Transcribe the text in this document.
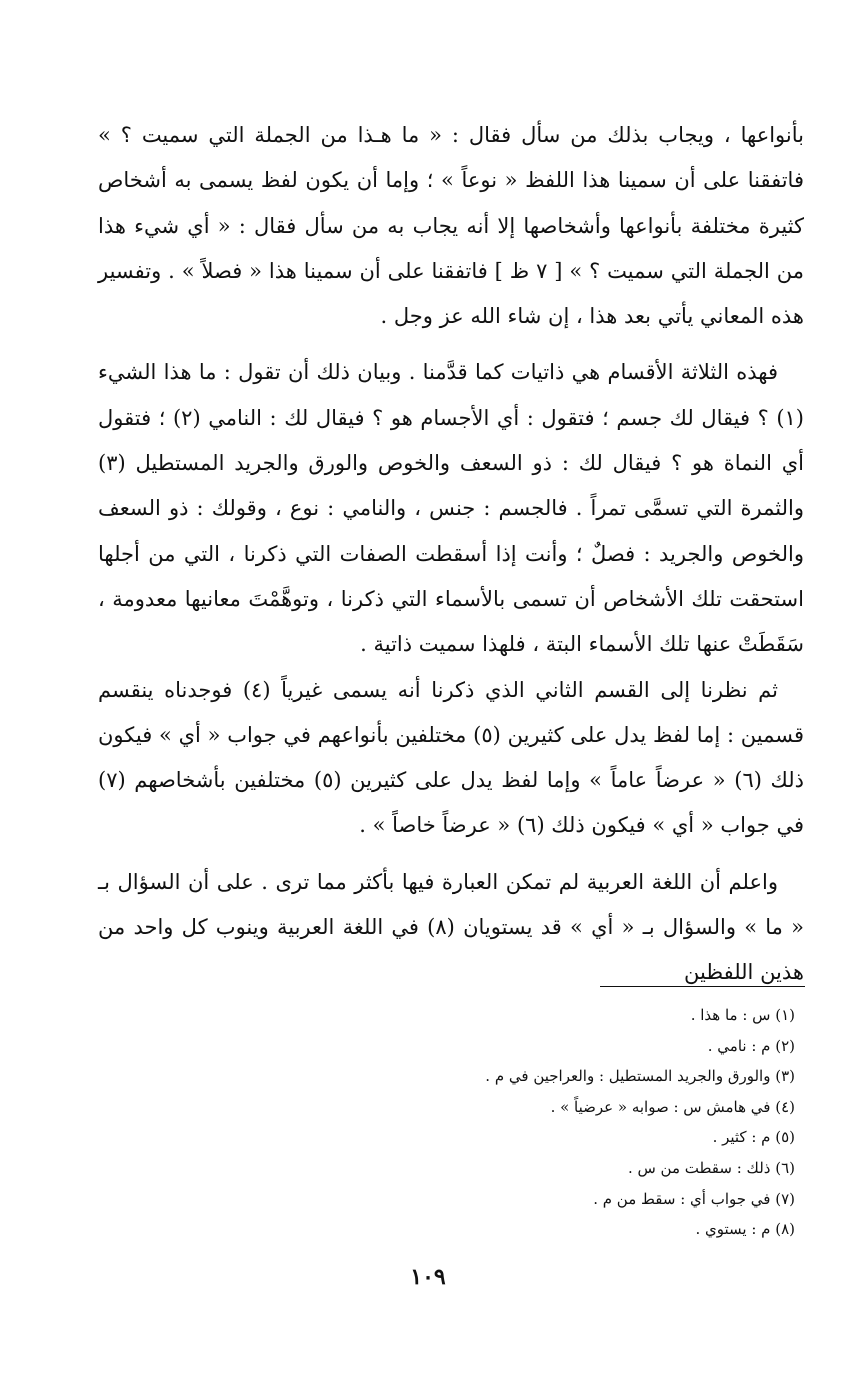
بأنواعها ، ويجاب بذلك من سأل فقال : « ما هـذا من الجملة التي سميت ؟ » فاتفقنا على أن سمينا هذا اللفظ « نوعاً » ؛ وإما أن يكون لفظ يسمى به أشخاص كثيرة مختلفة بأنواعها وأشخاصها إلا أنه يجاب به من سأل فقال : « أي شيء هذا من الجملة التي سميت ؟ » [ ٧ ظ ] فاتفقنا على أن سمينا هذا « فصلاً » . وتفسير هذه المعاني يأتي بعد هذا ، إن شاء الله عز وجل .

فهذه الثلاثة الأقسام هي ذاتيات كما قدَّمنا . وبيان ذلك أن تقول : ما هذا الشيء (١) ؟ فيقال لك جسم ؛ فتقول : أي الأجسام هو ؟ فيقال لك : النامي (٢) ؛ فتقول أي النماة هو ؟ فيقال لك : ذو السعف والخوص والورق والجريد المستطيل (٣) والثمرة التي تسمَّى تمراً . فالجسم : جنس ، والنامي : نوع ، وقولك : ذو السعف والخوص والجريد : فصلٌ ؛ وأنت إذا أسقطت الصفات التي ذكرنا ، التي من أجلها استحقت تلك الأشخاص أن تسمى بالأسماء التي ذكرنا ، وتوهَّمْتَ معانيها معدومة ، سَقَطَتْ عنها تلك الأسماء البتة ، فلهذا سميت ذاتية .

ثم نظرنا إلى القسم الثاني الذي ذكرنا أنه يسمى غيرياً (٤) فوجدناه ينقسم قسمين : إما لفظ يدل على كثيرين (٥) مختلفين بأنواعهم في جواب « أي » فيكون ذلك (٦) « عرضاً عاماً » وإما لفظ يدل على كثيرين (٥) مختلفين بأشخاصهم (٧) في جواب « أي » فيكون ذلك (٦) « عرضاً خاصاً » .

واعلم أن اللغة العربية لم تمكن العبارة فيها بأكثر مما ترى . على أن السؤال بـ « ما » والسؤال بـ « أي » قد يستويان (٨) في اللغة العربية وينوب كل واحد من هذين اللفظين

(١) س : ما هذا .
(٢) م : نامي .
(٣) والورق والجريد المستطيل : والعراجين في م .
(٤) في هامش س : صوابه « عرضياً » .
(٥) م : كثير .
(٦) ذلك : سقطت من س .
(٧) في جواب أي : سقط من م .
(٨) م : يستوي .
١٠٩
